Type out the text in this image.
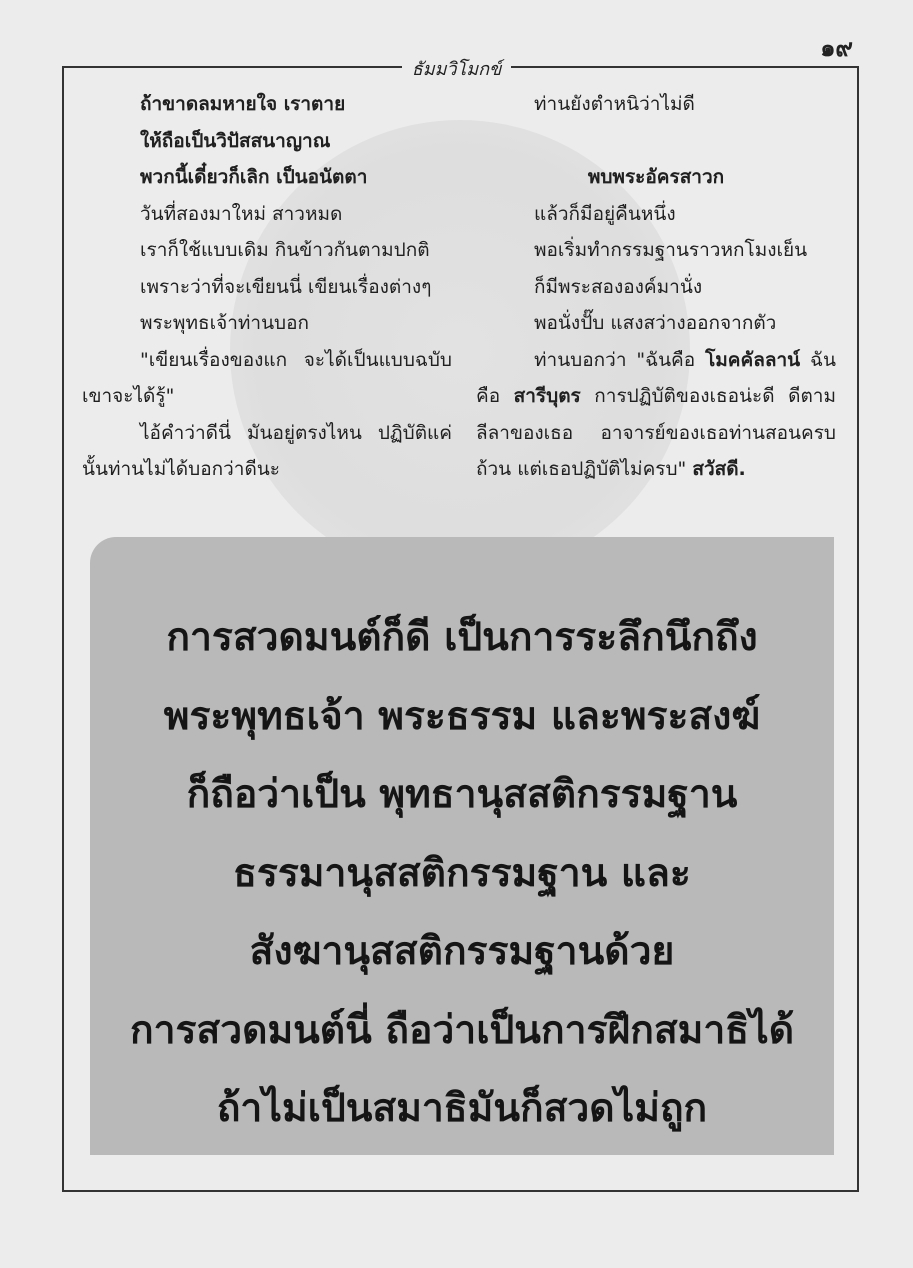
๑๙
ธัมมวิโมกข์

ถ้าขาดลมหายใจ เราตาย

ให้ถือเป็นวิปัสสนาญาณ

พวกนี้เดี๋ยวก็เลิก เป็นอนัตตา

วันที่สองมาใหม่ สาวหมด

เราก็ใช้แบบเดิม กินข้าวกันตามปกติ

เพราะว่าที่จะเขียนนี่ เขียนเรื่องต่างๆ

พระพุทธเจ้าท่านบอก

"เขียนเรื่องของแก จะได้เป็นแบบฉบับ เขาจะได้รู้"

ไอ้คำว่าดีนี่ มันอยู่ตรงไหน ปฏิบัติแค่นั้นท่านไม่ได้บอกว่าดีนะ

ท่านยังตำหนิว่าไม่ดี

พบพระอัครสาวก

แล้วก็มีอยู่คืนหนึ่ง

พอเริ่มทำกรรมฐานราวหกโมงเย็น

ก็มีพระสององค์มานั่ง

พอนั่งปั๊บ แสงสว่างออกจากตัว

ท่านบอกว่า "ฉันคือ โมคคัลลาน์ ฉันคือ สารีบุตร การปฏิบัติของเธอน่ะดี ดีตามลีลาของเธอ อาจารย์ของเธอท่านสอนครบถ้วน แต่เธอปฏิบัติไม่ครบ" สวัสดี.

การสวดมนต์ก็ดี เป็นการระลึกนึกถึง
พระพุทธเจ้า พระธรรม และพระสงฆ์
ก็ถือว่าเป็น พุทธานุสสติกรรมฐาน
ธรรมานุสสติกรรมฐาน และ
สังฆานุสสติกรรมฐานด้วย
การสวดมนต์นี่ ถือว่าเป็นการฝึกสมาธิได้
ถ้าไม่เป็นสมาธิมันก็สวดไม่ถูก
